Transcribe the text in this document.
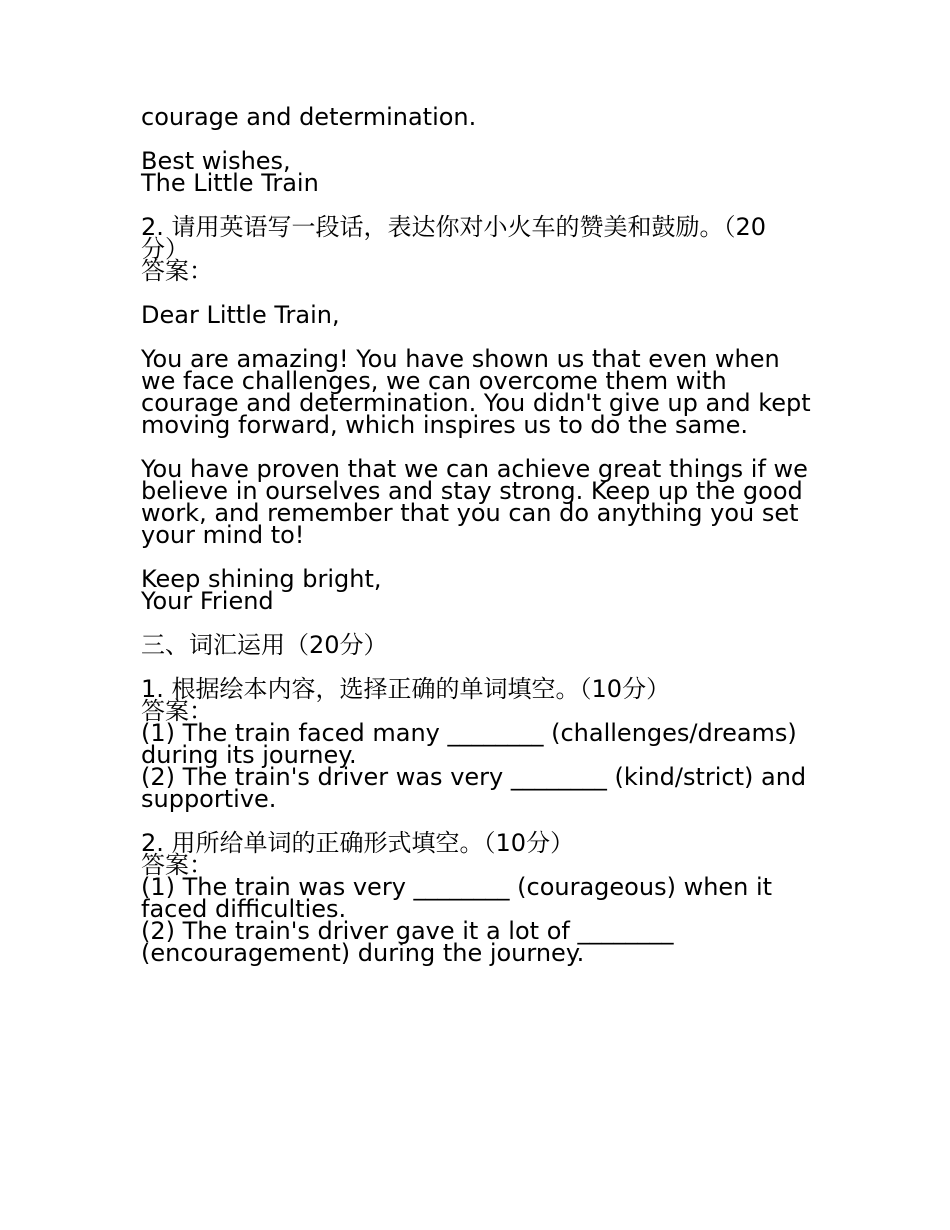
courage and determination.
Best wishes,
The Little Train
2. 请用英语写一段话，表达你对小火车的赞美和鼓励。（20
分）
答案：
Dear Little Train,
You are amazing! You have shown us that even when
we face challenges, we can overcome them with
courage and determination. You didn't give up and kept
moving forward, which inspires us to do the same.
You have proven that we can achieve great things if we
believe in ourselves and stay strong. Keep up the good
work, and remember that you can do anything you set
your mind to!
Keep shining bright,
Your Friend
三、词汇运用（20分）
1. 根据绘本内容，选择正确的单词填空。（10分）
答案：
(1) The train faced many ________ (challenges/dreams)
during its journey.
(2) The train's driver was very ________ (kind/strict) and
supportive.
2. 用所给单词的正确形式填空。（10分）
答案：
(1) The train was very ________ (courageous) when it
faced difficulties.
(2) The train's driver gave it a lot of ________
(encouragement) during the journey.
